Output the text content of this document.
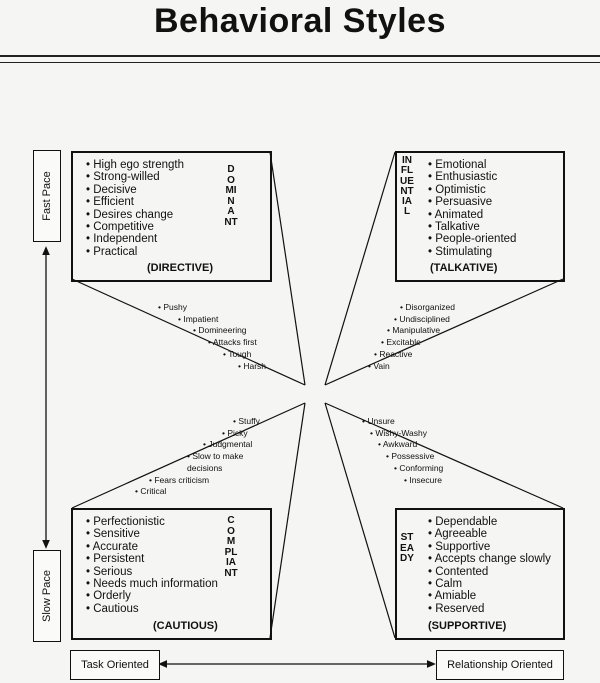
Behavioral Styles
Fast Pace
Slow Pace
• High ego strength
• Strong-willed
• Decisive
• Efficient
• Desires change
• Competitive
• Independent
• Practical
DOMINANT
(DIRECTIVE)
• Pushy
• Impatient
• Domineering
• Attacks first
• Tough
• Harsh
INFLUENTIAL
• Emotional
• Enthusiastic
• Optimistic
• Persuasive
• Animated
• Talkative
• People-oriented
• Stimulating
(TALKATIVE)
• Disorganized
• Undisciplined
• Manipulative
• Excitable
• Reactive
• Vain
• Stuffy
• Picky
• Judgmental
• Slow to make decisions
• Fears criticism
• Critical
• Perfectionistic
• Sensitive
• Accurate
• Persistent
• Serious
• Needs much information
• Orderly
• Cautious
COMPLIANT
(CAUTIOUS)
• Unsure
• Wishy-Washy
• Awkward
• Possessive
• Conforming
• Insecure
STEADY
• Dependable
• Agreeable
• Supportive
• Accepts change slowly
• Contented
• Calm
• Amiable
• Reserved
(SUPPORTIVE)
Task Oriented	Relationship Oriented
